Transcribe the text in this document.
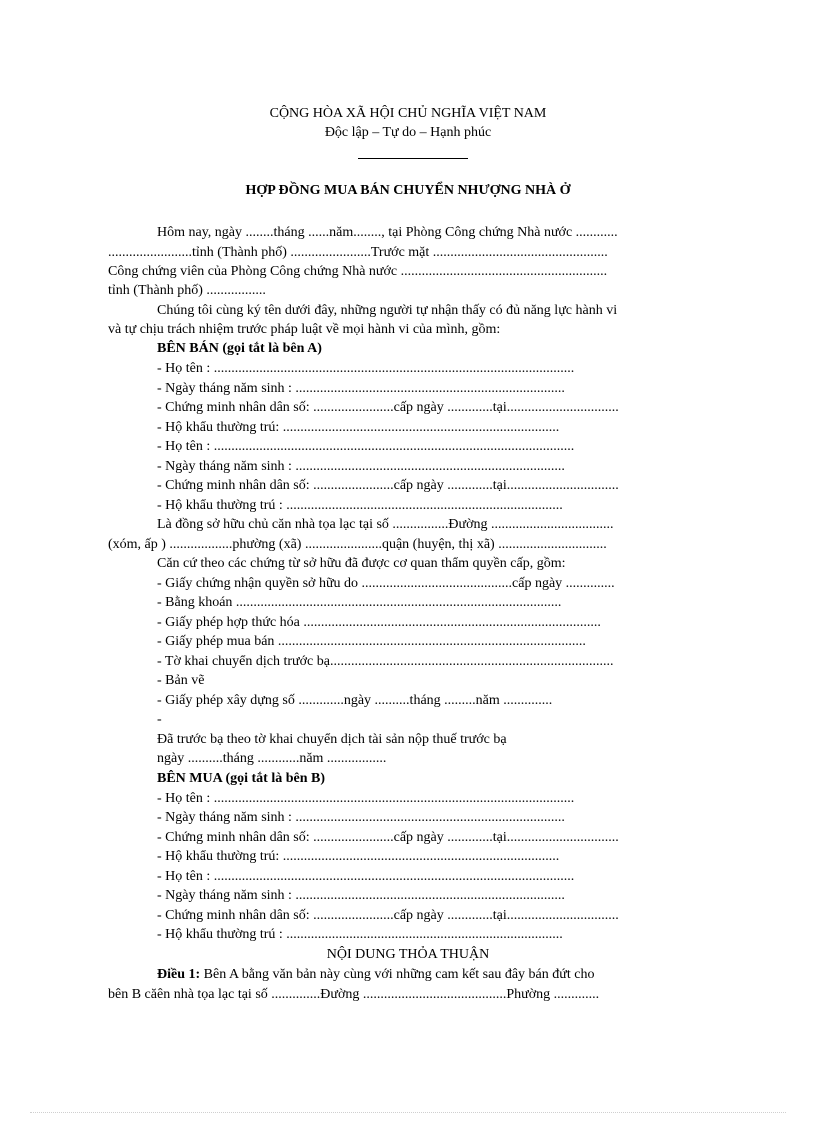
CỘNG HÒA XÃ HỘI CHỦ NGHĨA VIỆT NAM
Độc lập – Tự do – Hạnh phúc
HỢP ĐỒNG MUA BÁN CHUYỂN NHƯỢNG NHÀ Ở
Hôm nay, ngày ........tháng ......năm........, tại Phòng Công chứng Nhà nước ............
........................tỉnh (Thành phố) .......................Trước mặt ..................................................
Công chứng viên của Phòng Công chứng Nhà nước ...........................................................
tỉnh (Thành phố) .................
Chúng tôi cùng ký tên dưới đây, những người tự nhận thấy có đủ năng lực hành vi
và tự chịu trách nhiệm trước pháp luật về mọi hành vi của mình, gồm:
BÊN BÁN (gọi tắt là bên A)
- Họ tên : .......................................................................................................
- Ngày tháng năm sinh : .............................................................................
- Chứng minh nhân dân số: .......................cấp ngày .............tại................................
- Hộ khẩu thường trú: ...............................................................................
- Họ tên : .......................................................................................................
- Ngày tháng năm sinh : .............................................................................
- Chứng minh nhân dân số: .......................cấp ngày .............tại................................
- Hộ khẩu thường trú : ...............................................................................
Là đồng sở hữu chủ căn nhà tọa lạc tại số ................Đường ...................................
(xóm, ấp ) ..................phường (xã) ......................quận (huyện, thị xã) ...............................
Căn cứ theo các chứng từ sở hữu đã được cơ quan thẩm quyền cấp, gồm:
- Giấy chứng nhận quyền sở hữu do ...........................................cấp ngày ..............
- Bằng khoán .............................................................................................
- Giấy phép hợp thức hóa .....................................................................................
- Giấy phép mua bán ........................................................................................
- Tờ khai chuyển dịch trước bạ.................................................................................
- Bản vẽ
- Giấy phép xây dựng số .............ngày ..........tháng .........năm ..............
-
Đã trước bạ theo tờ khai chuyển dịch tài sản nộp thuế trước bạ
ngày ..........tháng ............năm .................
BÊN MUA (gọi tắt là bên B)
- Họ tên : .......................................................................................................
- Ngày tháng năm sinh : .............................................................................
- Chứng minh nhân dân số: .......................cấp ngày .............tại................................
- Hộ khẩu thường trú: ...............................................................................
- Họ tên : .......................................................................................................
- Ngày tháng năm sinh : .............................................................................
- Chứng minh nhân dân số: .......................cấp ngày .............tại................................
- Hộ khẩu thường trú : ...............................................................................
NỘI DUNG THỎA THUẬN
Điều 1: Bên A bằng văn bản này cùng với những cam kết sau đây bán đứt cho
bên B căên nhà tọa lạc tại số ..............Đường .........................................Phường .............
